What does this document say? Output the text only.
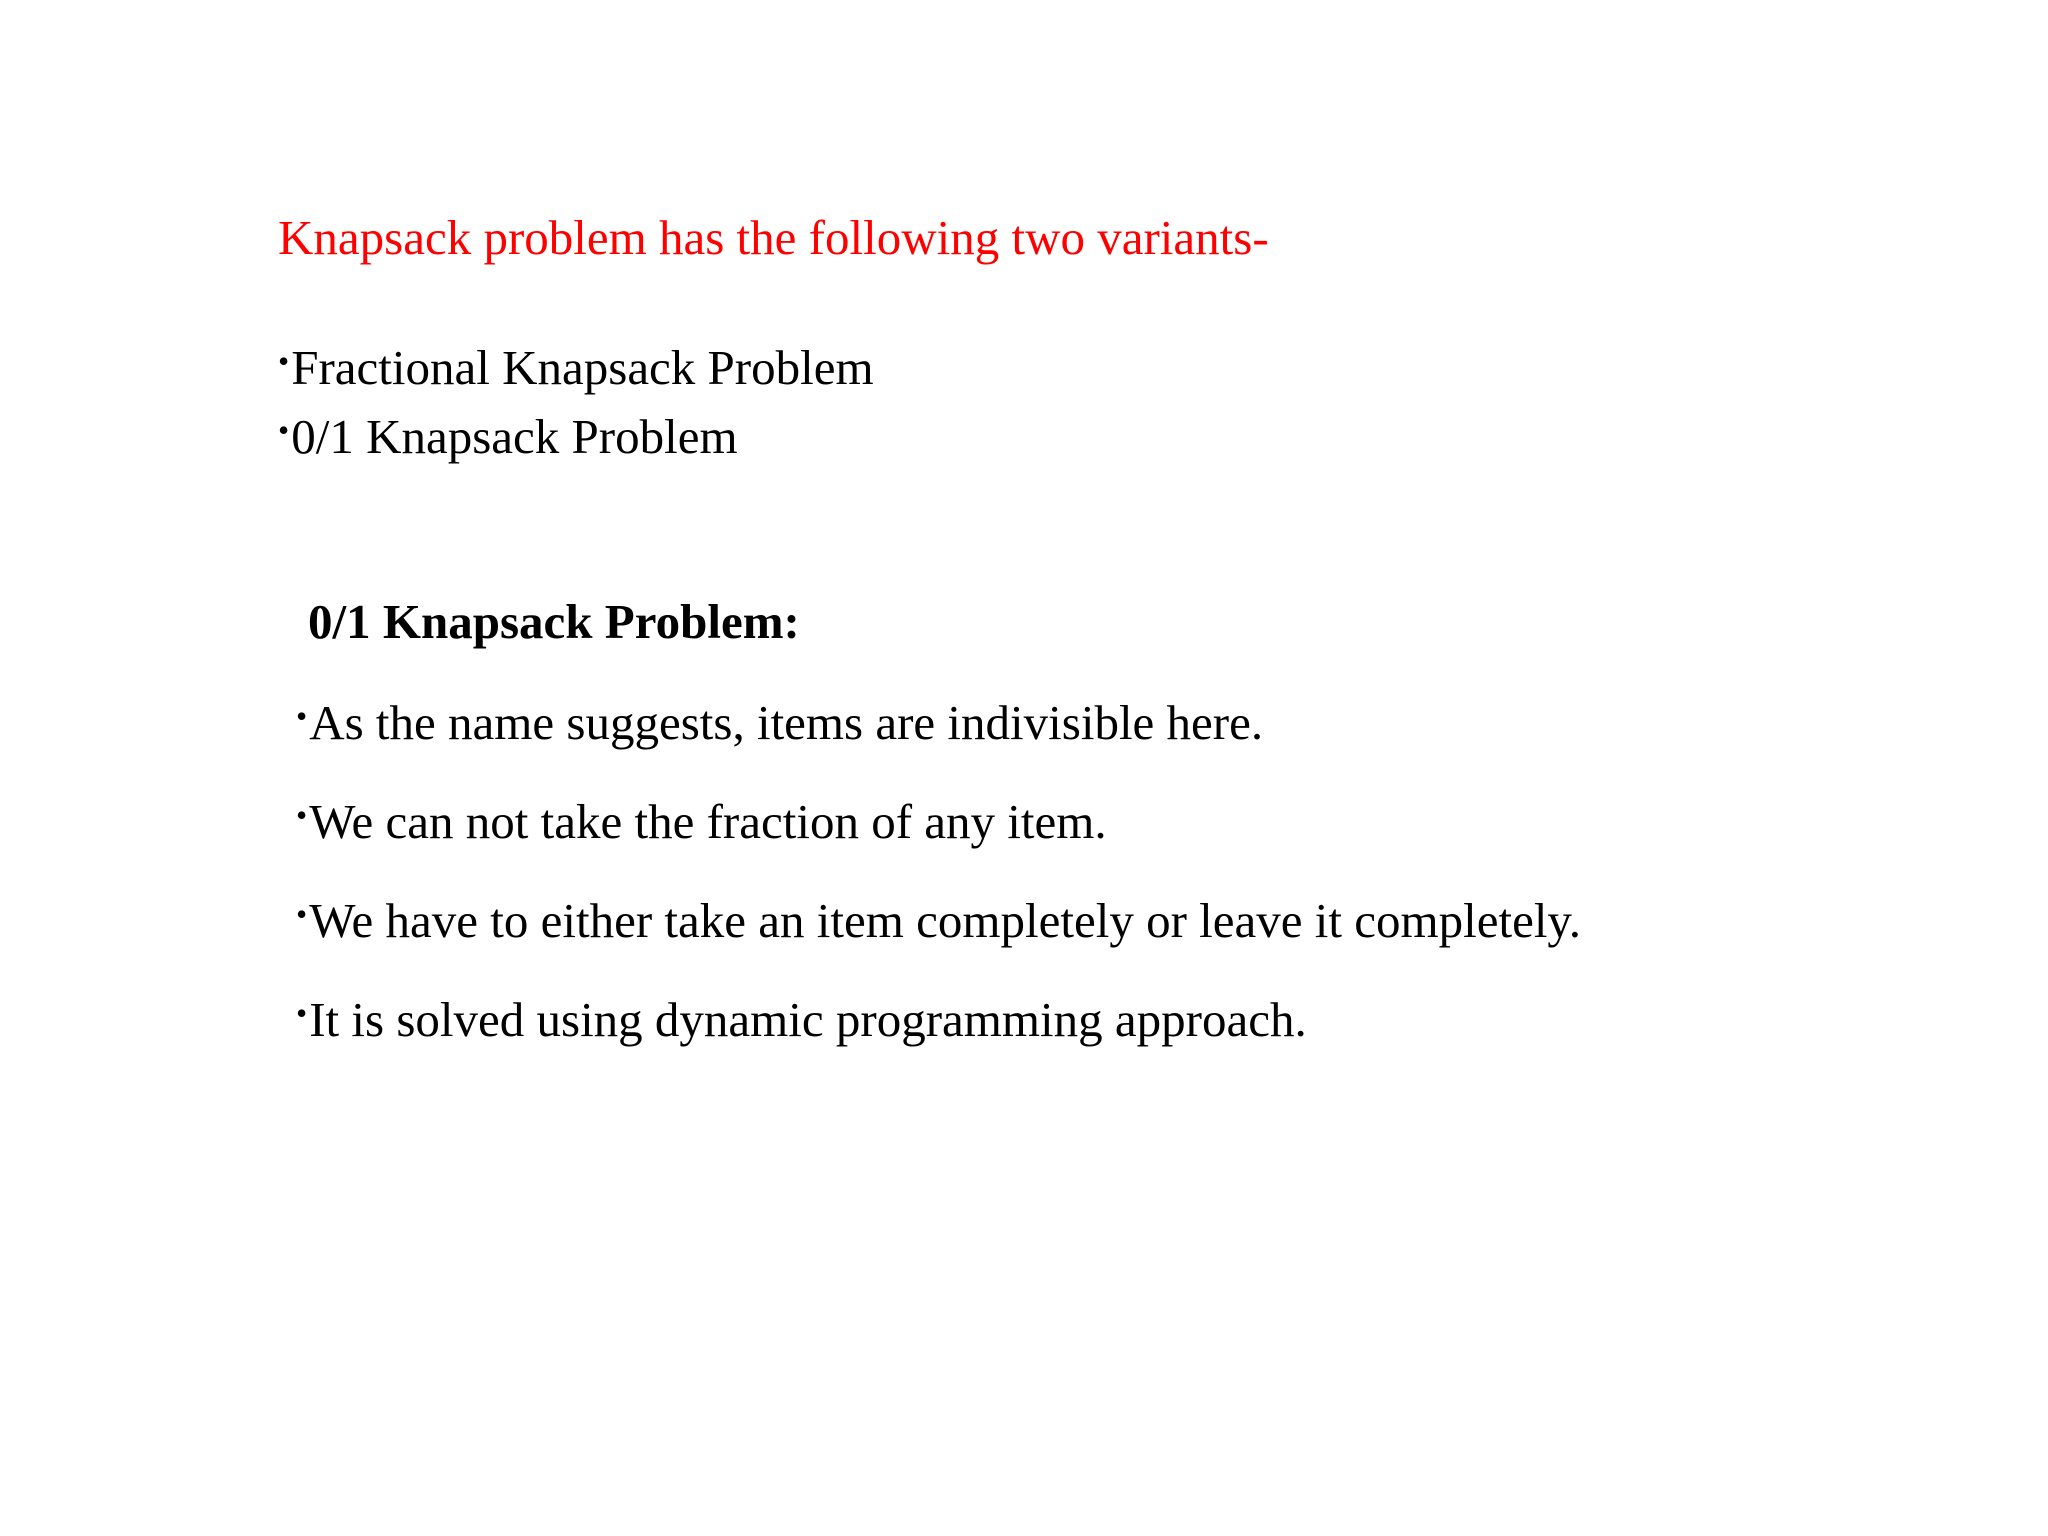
Knapsack problem has the following two variants-
•Fractional Knapsack Problem
•0/1 Knapsack Problem
0/1 Knapsack Problem:
•As the name suggests, items are indivisible here.
•We can not take the fraction of any item.
•We have to either take an item completely or leave it completely.
•It is solved using dynamic programming approach.
